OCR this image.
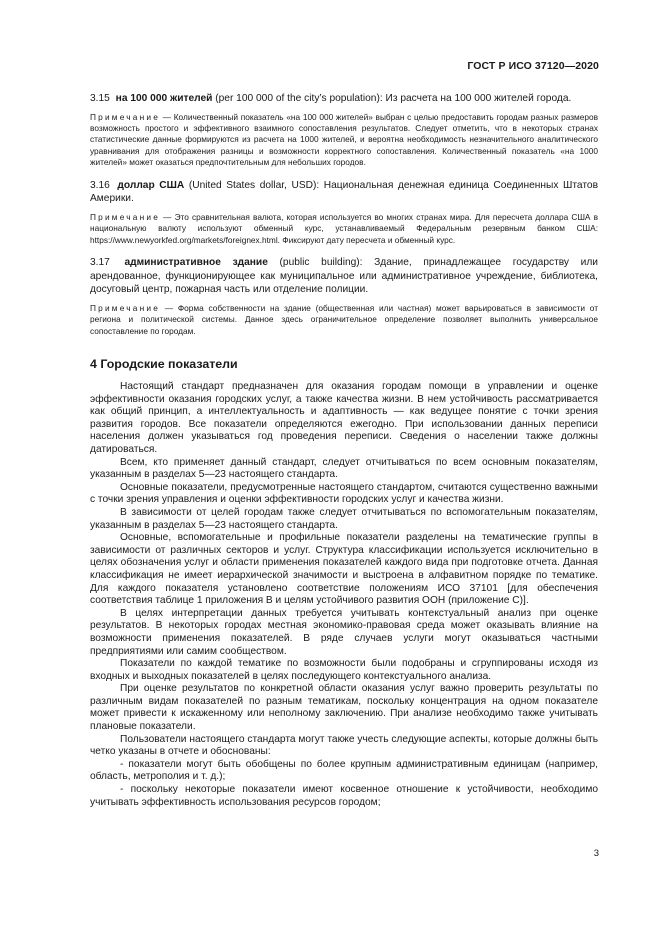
ГОСТ Р ИСО 37120—2020

3.15 на 100 000 жителей (per 100 000 of the city’s population): Из расчета на 100 000 жителей города.

Примечание — Количественный показатель «на 100 000 жителей» выбран с целью предоставить городам разных размеров возможность простого и эффективного взаимного сопоставления результатов. Следует отметить, что в некоторых странах статистические данные формируются из расчета на 1000 жителей, и вероятна необходимость незначительного аналитического уравнивания для отображения разницы и возможности корректного сопоставления. Количественный показатель «на 1000 жителей» может оказаться предпочтительным для небольших городов.

3.16 доллар США (United States dollar, USD): Национальная денежная единица Соединенных Штатов Америки.

Примечание — Это сравнительная валюта, которая используется во многих странах мира. Для пересчета доллара США в национальную валюту используют обменный курс, устанавливаемый Федеральным резервным банком США: https://www.newyorkfed.org/markets/foreignex.html. Фиксируют дату пересчета и обменный курс.

3.17 административное здание (public building): Здание, принадлежащее государству или арендованное, функционирующее как муниципальное или административное учреждение, библиотека, досуговый центр, пожарная часть или отделение полиции.

Примечание — Форма собственности на здание (общественная или частная) может варьироваться в зависимости от региона и политической системы. Данное здесь ограничительное определение позволяет выполнить универсальное сопоставление по городам.

4 Городские показатели

Настоящий стандарт предназначен для оказания городам помощи в управлении и оценке эффективности оказания городских услуг, а также качества жизни. В нем устойчивость рассматривается как общий принцип, а интеллектуальность и адаптивность — как ведущее понятие с точки зрения развития городов. Все показатели определяются ежегодно. При использовании данных переписи населения должен указываться год проведения переписи. Сведения о населении также должны датироваться.

Всем, кто применяет данный стандарт, следует отчитываться по всем основным показателям, указанным в разделах 5—23 настоящего стандарта.

Основные показатели, предусмотренные настоящего стандартом, считаются существенно важными с точки зрения управления и оценки эффективности городских услуг и качества жизни.

В зависимости от целей городам также следует отчитываться по вспомогательным показателям, указанным в разделах 5—23 настоящего стандарта.

Основные, вспомогательные и профильные показатели разделены на тематические группы в зависимости от различных секторов и услуг. Структура классификации используется исключительно в целях обозначения услуг и области применения показателей каждого вида при подготовке отчета. Данная классификация не имеет иерархической значимости и выстроена в алфавитном порядке по тематике. Для каждого показателя установлено соответствие положениям ИСО 37101 [для обеспечения соответствия таблице 1 приложения В и целям устойчивого развития ООН (приложение С)].

В целях интерпретации данных требуется учитывать контекстуальный анализ при оценке результатов. В некоторых городах местная экономико-правовая среда может оказывать влияние на возможности применения показателей. В ряде случаев услуги могут оказываться частными предприятиями или самим сообществом.

Показатели по каждой тематике по возможности были подобраны и сгруппированы исходя из входных и выходных показателей в целях последующего контекстуального анализа.

При оценке результатов по конкретной области оказания услуг важно проверить результаты по различным видам показателей по разным тематикам, поскольку концентрация на одном показателе может привести к искаженному или неполному заключению. При анализе необходимо также учитывать плановые показатели.

Пользователи настоящего стандарта могут также учесть следующие аспекты, которые должны быть четко указаны в отчете и обоснованы:

- показатели могут быть обобщены по более крупным административным единицам (например, область, метрополия и т. д.);

- поскольку некоторые показатели имеют косвенное отношение к устойчивости, необходимо учитывать эффективность использования ресурсов городом;

3
